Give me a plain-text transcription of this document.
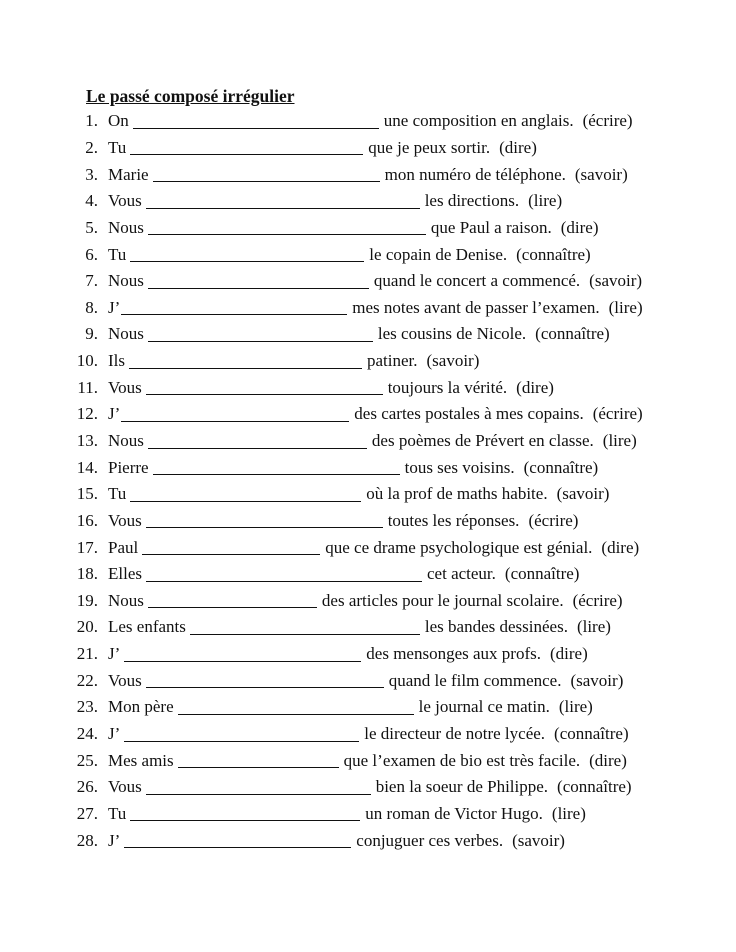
Le passé composé irrégulier
1. On	une composition en anglais. (écrire)
2. Tu	que je peux sortir. (dire)
3. Marie	mon numéro de téléphone. (savoir)
4. Vous	les directions. (lire)
5. Nous	que Paul a raison. (dire)
6. Tu	le copain de Denise. (connaître)
7. Nous	quand le concert a commencé. (savoir)
8. J’	mes notes avant de passer l’examen. (lire)
9. Nous	les cousins de Nicole. (connaître)
10. Ils	patiner. (savoir)
11. Vous	toujours la vérité. (dire)
12. J’	des cartes postales à mes copains. (écrire)
13. Nous	des poèmes de Prévert en classe. (lire)
14. Pierre	tous ses voisins. (connaître)
15. Tu	où la prof de maths habite. (savoir)
16. Vous	toutes les réponses. (écrire)
17. Paul	que ce drame psychologique est génial. (dire)
18. Elles	cet acteur. (connaître)
19. Nous	des articles pour le journal scolaire. (écrire)
20. Les enfants	les bandes dessinées. (lire)
21. J’	des mensonges aux profs. (dire)
22. Vous	quand le film commence. (savoir)
23. Mon père	le journal ce matin. (lire)
24. J’	le directeur de notre lycée. (connaître)
25. Mes amis	que l’examen de bio est très facile. (dire)
26. Vous	bien la soeur de Philippe. (connaître)
27. Tu	un roman de Victor Hugo. (lire)
28. J’	conjuguer ces verbes. (savoir)
